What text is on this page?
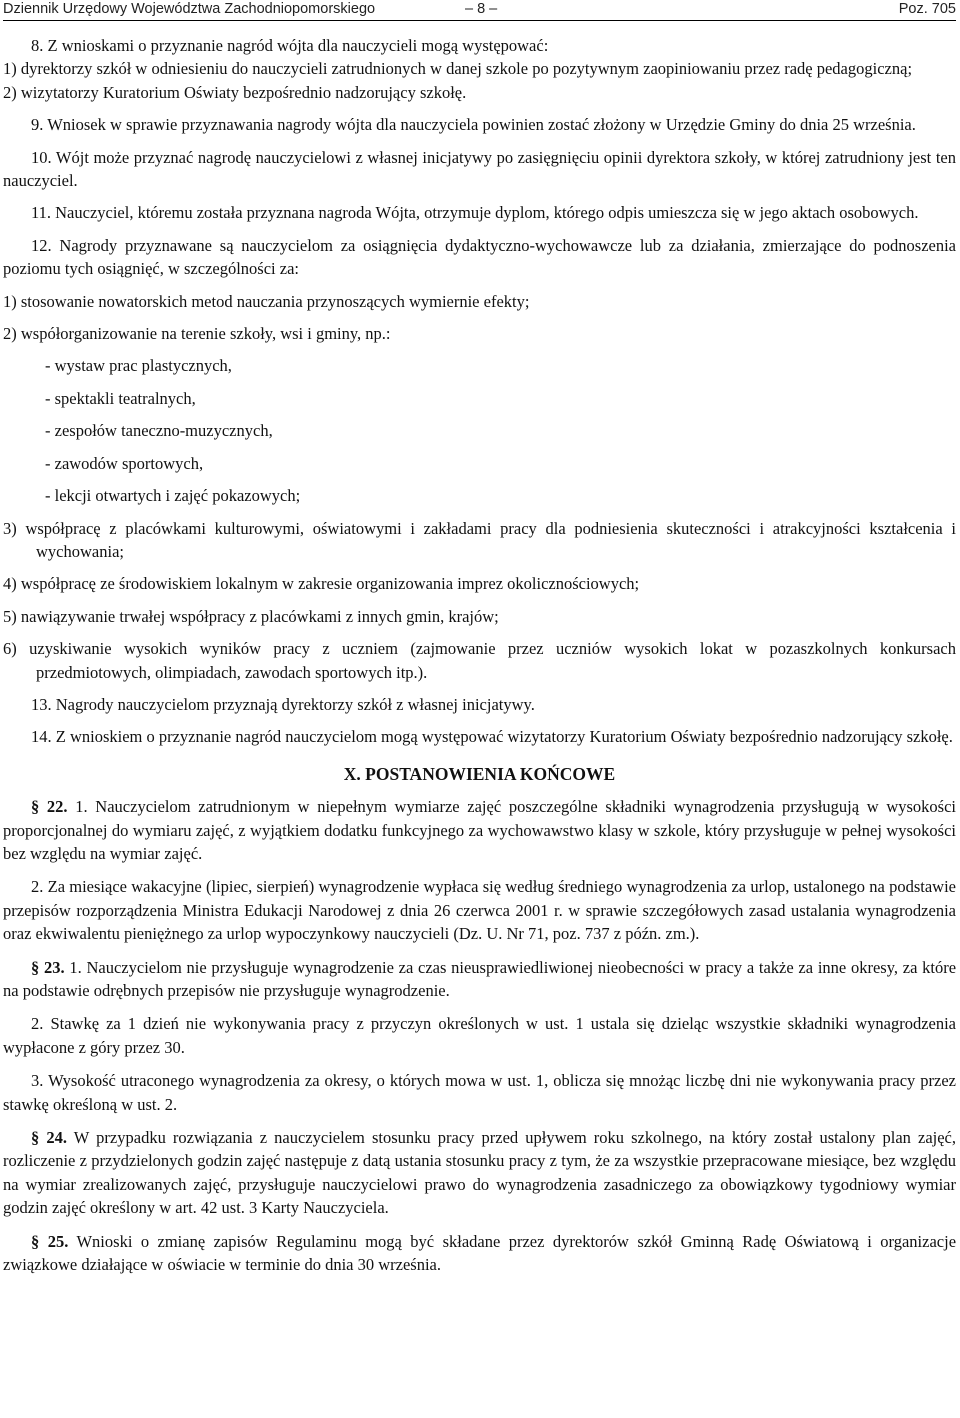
Dziennik Urzędowy Województwa Zachodniopomorskiego	– 8 –	Poz. 705

8. Z wnioskami o przyznanie nagród wójta dla nauczycieli mogą występować:

1) dyrektorzy szkół w odniesieniu do nauczycieli zatrudnionych w danej szkole po pozytywnym zaopiniowaniu przez radę pedagogiczną;

2) wizytatorzy Kuratorium Oświaty bezpośrednio nadzorujący szkołę.

9. Wniosek w sprawie przyznawania nagrody wójta dla nauczyciela powinien zostać złożony w Urzędzie Gminy do dnia 25 września.

10. Wójt może przyznać nagrodę nauczycielowi z własnej inicjatywy po zasięgnięciu opinii dyrektora szkoły, w której zatrudniony jest ten nauczyciel.

11. Nauczyciel, któremu została przyznana nagroda Wójta, otrzymuje dyplom, którego odpis umieszcza się w jego aktach osobowych.

12. Nagrody przyznawane są nauczycielom za osiągnięcia dydaktyczno-wychowawcze lub za działania, zmierzające do podnoszenia poziomu tych osiągnięć, w szczególności za:

1) stosowanie nowatorskich metod nauczania przynoszących wymiernie efekty;

2) współorganizowanie na terenie szkoły, wsi i gminy, np.:

- wystaw prac plastycznych,

- spektakli teatralnych,

- zespołów taneczno-muzycznych,

- zawodów sportowych,

- lekcji otwartych i zajęć pokazowych;

3) współpracę z placówkami kulturowymi, oświatowymi i zakładami pracy dla podniesienia skuteczności i atrakcyjności kształcenia i wychowania;

4) współpracę ze środowiskiem lokalnym w zakresie organizowania imprez okolicznościowych;

5) nawiązywanie trwałej współpracy z placówkami z innych gmin, krajów;

6) uzyskiwanie wysokich wyników pracy z uczniem (zajmowanie przez uczniów wysokich lokat w pozaszkolnych konkursach przedmiotowych, olimpiadach, zawodach sportowych itp.).

13. Nagrody nauczycielom przyznają dyrektorzy szkół z własnej inicjatywy.

14. Z wnioskiem o przyznanie nagród nauczycielom mogą występować wizytatorzy Kuratorium Oświaty bezpośrednio nadzorujący szkołę.

X. POSTANOWIENIA KOŃCOWE

§ 22. 1. Nauczycielom zatrudnionym w niepełnym wymiarze zajęć poszczególne składniki wynagrodzenia przysługują w wysokości proporcjonalnej do wymiaru zajęć, z wyjątkiem dodatku funkcyjnego za wychowawstwo klasy w szkole, który przysługuje w pełnej wysokości bez względu na wymiar zajęć.

2. Za miesiące wakacyjne (lipiec, sierpień) wynagrodzenie wypłaca się według średniego wynagrodzenia za urlop, ustalonego na podstawie przepisów rozporządzenia Ministra Edukacji Narodowej z dnia 26 czerwca 2001 r. w sprawie szczegółowych zasad ustalania wynagrodzenia oraz ekwiwalentu pieniężnego za urlop wypoczynkowy nauczycieli (Dz. U. Nr 71, poz. 737 z późn. zm.).

§ 23. 1. Nauczycielom nie przysługuje wynagrodzenie za czas nieusprawiedliwionej nieobecności w pracy a także za inne okresy, za które na podstawie odrębnych przepisów nie przysługuje wynagrodzenie.

2. Stawkę za 1 dzień nie wykonywania pracy z przyczyn określonych w ust. 1 ustala się dzieląc wszystkie składniki wynagrodzenia wypłacone z góry przez 30.

3. Wysokość utraconego wynagrodzenia za okresy, o których mowa w ust. 1, oblicza się mnożąc liczbę dni nie wykonywania pracy przez stawkę określoną w ust. 2.

§ 24. W przypadku rozwiązania z nauczycielem stosunku pracy przed upływem roku szkolnego, na który został ustalony plan zajęć, rozliczenie z przydzielonych godzin zajęć następuje z datą ustania stosunku pracy z tym, że za wszystkie przepracowane miesiące, bez względu na wymiar zrealizowanych zajęć, przysługuje nauczycielowi prawo do wynagrodzenia zasadniczego za obowiązkowy tygodniowy wymiar godzin zajęć określony w art. 42 ust. 3 Karty Nauczyciela.

§ 25. Wnioski o zmianę zapisów Regulaminu mogą być składane przez dyrektorów szkół Gminną Radę Oświatową i organizacje związkowe działające w oświacie w terminie do dnia 30 września.
